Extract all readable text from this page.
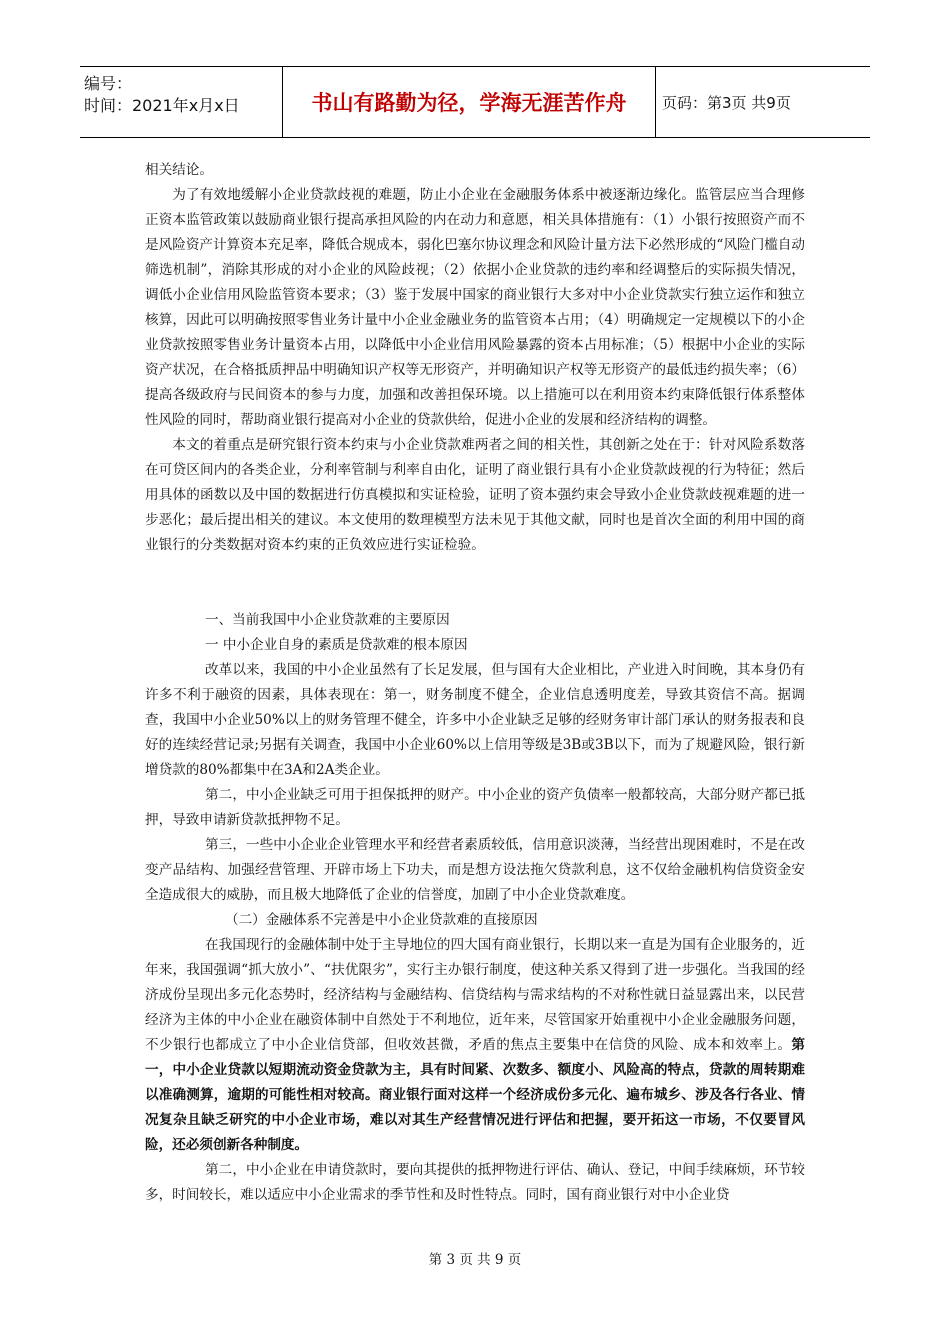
编号：
时间：2021年x月x日	书山有路勤为径，学海无涯苦作舟	页码：第3页 共9页

相关结论。

为了有效地缓解小企业贷款歧视的难题，防止小企业在金融服务体系中被逐渐边缘化。监管层应当合理修正资本监管政策以鼓励商业银行提高承担风险的内在动力和意愿，相关具体措施有：（1）小银行按照资产而不是风险资产计算资本充足率，降低合规成本，弱化巴塞尔协议理念和风险计量方法下必然形成的“风险门槛自动筛选机制”，消除其形成的对小企业的风险歧视；（2）依据小企业贷款的违约率和经调整后的实际损失情况，调低小企业信用风险监管资本要求；（3）鉴于发展中国家的商业银行大多对中小企业贷款实行独立运作和独立核算，因此可以明确按照零售业务计量中小企业金融业务的监管资本占用；（4）明确规定一定规模以下的小企业贷款按照零售业务计量资本占用，以降低中小企业信用风险暴露的资本占用标准；（5）根据中小企业的实际资产状况，在合格抵质押品中明确知识产权等无形资产，并明确知识产权等无形资产的最低违约损失率；（6）提高各级政府与民间资本的参与力度，加强和改善担保环境。以上措施可以在利用资本约束降低银行体系整体性风险的同时，帮助商业银行提高对小企业的贷款供给，促进小企业的发展和经济结构的调整。

本文的着重点是研究银行资本约束与小企业贷款难两者之间的相关性，其创新之处在于：针对风险系数落在可贷区间内的各类企业，分利率管制与利率自由化，证明了商业银行具有小企业贷款歧视的行为特征；然后用具体的函数以及中国的数据进行仿真模拟和实证检验，证明了资本强约束会导致小企业贷款歧视难题的进一步恶化；最后提出相关的建议。本文使用的数理模型方法未见于其他文献，同时也是首次全面的利用中国的商业银行的分类数据对资本约束的正负效应进行实证检验。

一、当前我国中小企业贷款难的主要原因

一 中小企业自身的素质是贷款难的根本原因

改革以来，我国的中小企业虽然有了长足发展，但与国有大企业相比，产业进入时间晚，其本身仍有许多不利于融资的因素，具体表现在：第一，财务制度不健全，企业信息透明度差，导致其资信不高。据调查，我国中小企业50%以上的财务管理不健全，许多中小企业缺乏足够的经财务审计部门承认的财务报表和良好的连续经营记录;另据有关调查，我国中小企业60%以上信用等级是3B或3B以下，而为了规避风险，银行新增贷款的80%都集中在3A和2A类企业。

第二，中小企业缺乏可用于担保抵押的财产。中小企业的资产负债率一般都较高，大部分财产都已抵押，导致申请新贷款抵押物不足。

第三，一些中小企业企业管理水平和经营者素质较低，信用意识淡薄，当经营出现困难时，不是在改变产品结构、加强经营管理、开辟市场上下功夫，而是想方设法拖欠贷款利息，这不仅给金融机构信贷资金安全造成很大的威胁，而且极大地降低了企业的信誉度，加剧了中小企业贷款难度。

（二）金融体系不完善是中小企业贷款难的直接原因

在我国现行的金融体制中处于主导地位的四大国有商业银行，长期以来一直是为国有企业服务的，近年来，我国强调“抓大放小”、“扶优限劣”，实行主办银行制度，使这种关系又得到了进一步强化。当我国的经济成份呈现出多元化态势时，经济结构与金融结构、信贷结构与需求结构的不对称性就日益显露出来，以民营经济为主体的中小企业在融资体制中自然处于不利地位，近年来，尽管国家开始重视中小企业金融服务问题，不少银行也都成立了中小企业信贷部，但收效甚微，矛盾的焦点主要集中在信贷的风险、成本和效率上。第一，中小企业贷款以短期流动资金贷款为主，具有时间紧、次数多、额度小、风险高的特点，贷款的周转期难以准确测算，逾期的可能性相对较高。商业银行面对这样一个经济成份多元化、遍布城乡、涉及各行各业、情况复杂且缺乏研究的中小企业市场，难以对其生产经营情况进行评估和把握，要开拓这一市场，不仅要冒风险，还必须创新各种制度。

第二，中小企业在申请贷款时，要向其提供的抵押物进行评估、确认、登记，中间手续麻烦，环节较多，时间较长，难以适应中小企业需求的季节性和及时性特点。同时，国有商业银行对中小企业贷

第 3 页 共 9 页
